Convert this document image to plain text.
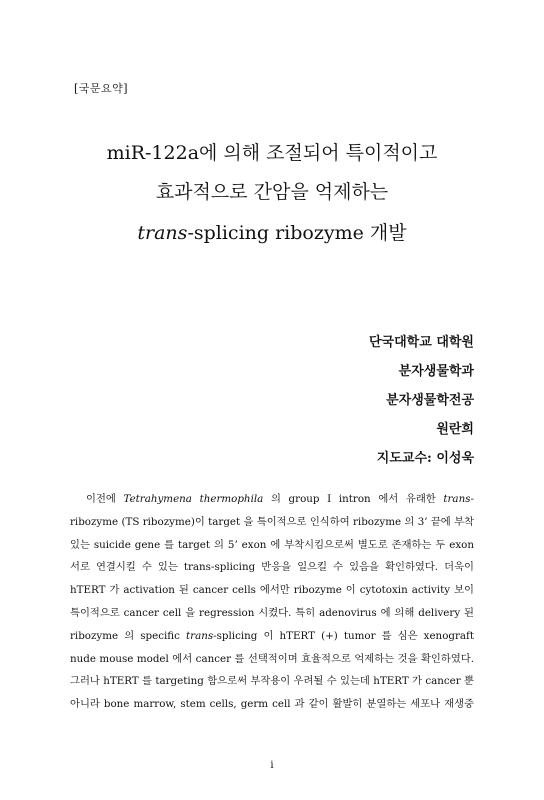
[국문요약]
miR-122a에 의해 조절되어 특이적이고
효과적으로 간암을 억제하는
trans-splicing ribozyme 개발
단국대학교 대학원
분자생물학과
분자생물학전공
원란희
지도교수: 이성욱
이전에 Tetrahymena thermophila 의 group I intron 에서 유래한 trans-
ribozyme (TS ribozyme)이 target 을 특이적으로 인식하여 ribozyme 의 3’ 끝에 부착
있는 suicide gene 를 target 의 5’ exon 에 부착시킴으로써 별도로 존재하는 두 exon
서로 연결시킬 수 있는 trans-splicing 반응을 일으킬 수 있음을 확인하였다. 더욱이
hTERT 가 activation 된 cancer cells 에서만 ribozyme 이 cytotoxin activity 보이
특이적으로 cancer cell 을 regression 시켰다. 특히 adenovirus 에 의해 delivery 된
ribozyme 의 specific trans-splicing 이 hTERT (+) tumor 를 심은 xenograft
nude mouse model 에서 cancer 를 선택적이며 효율적으로 억제하는 것을 확인하였다.
그러나 hTERT 를 targeting 함으로써 부작용이 우려될 수 있는데 hTERT 가 cancer 뿐
아니라 bone marrow, stem cells, germ cell 과 같이 활발히 분열하는 세포나 재생중
i
